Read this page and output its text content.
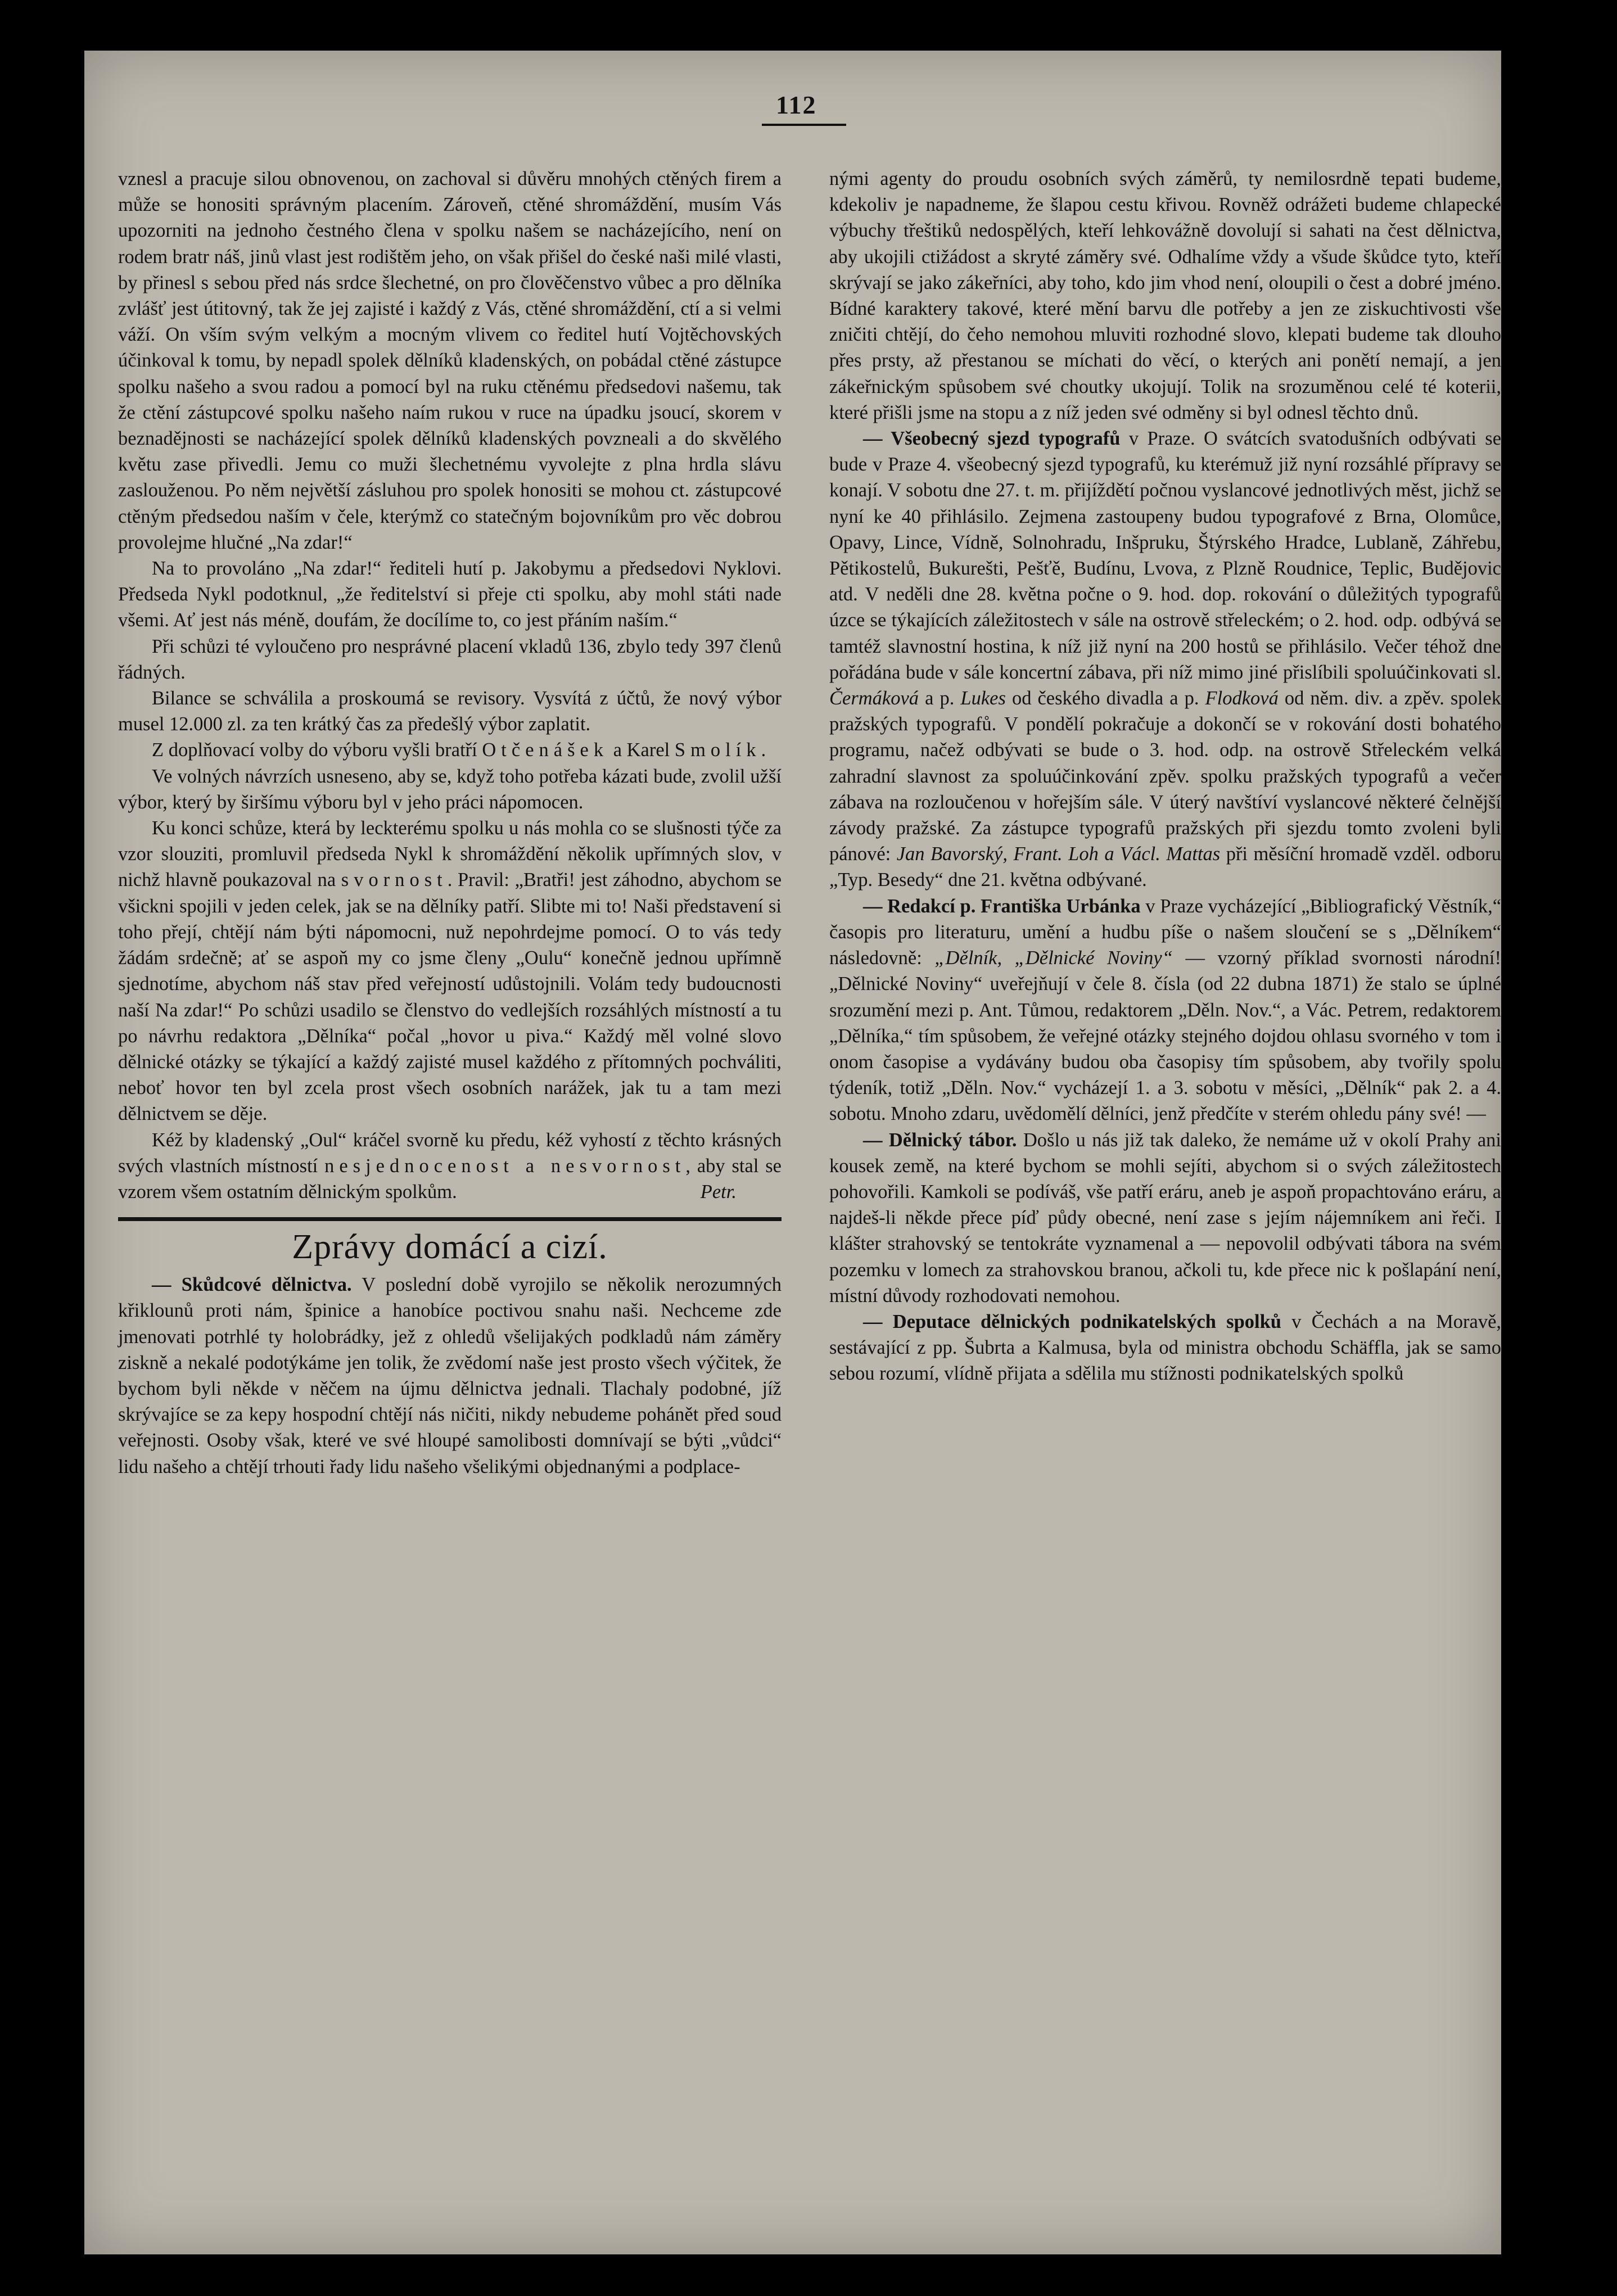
112

vznesl a pracuje silou obnovenou, on zachoval si důvěru mnohých ctěných firem a může se honositi správným placením. Zároveň, ctěné shromáždění, musím Vás upozorniti na jednoho čestného člena v spolku našem se nacházejícího, není on rodem bratr náš, jinů vlast jest rodištěm jeho, on však přišel do české naši milé vlasti, by přinesl s sebou před nás srdce šlechetné, on pro člověčenstvo vůbec a pro dělníka zvlášť jest útitovný, tak že jej zajisté i každý z Vás, ctěné shromáždění, ctí a si velmi váží. On vším svým velkým a mocným vlivem co ředitel hutí Vojtěchovských účinkoval k tomu, by nepadl spolek dělníků kladenských, on pobádal ctěné zástupce spolku našeho a svou radou a pomocí byl na ruku ctěnému předsedovi našemu, tak že ctění zástupcové spolku našeho naím rukou v ruce na úpadku jsoucí, skorem v beznadějnosti se nacházející spolek dělníků kladenských povzneali a do skvělého květu zase přivedli. Jemu co muži šlechetnému vyvolejte z plna hrdla slávu zaslouženou. Po něm největší zásluhou pro spolek honositi se mohou ct. zástupcové ctěným předsedou naším v čele, kterýmž co statečným bojovníkům pro věc dobrou provolejme hlučné „Na zdar!“

Na to provoláno „Na zdar!“ řediteli hutí p. Jakobymu a předsedovi Nyklovi. Předseda Nykl podotknul, „že ředitelství si přeje cti spolku, aby mohl státi nade všemi. Ať jest nás méně, doufám, že docílíme to, co jest přáním naším.“

Při schůzi té vyloučeno pro nesprávné placení vkladů 136, zbylo tedy 397 členů řádných.

Bilance se schválila a proskoumá se revisory. Vysvítá z účtů, že nový výbor musel 12.000 zl. za ten krátký čas za předešlý výbor zaplatit.

Z doplňovací volby do výboru vyšli bratří Otčenášek a Karel Smolík.

Ve volných návrzích usneseno, aby se, když toho potřeba kázati bude, zvolil užší výbor, který by širšímu výboru byl v jeho práci nápomocen.

Ku konci schůze, která by leckterému spolku u nás mohla co se slušnosti týče za vzor slouziti, promluvil předseda Nykl k shromáždění několik upřímných slov, v nichž hlavně poukazoval na svornost. Pravil: „Bratři! jest záhodno, abychom se všickni spojili v jeden celek, jak se na dělníky patří. Slibte mi to! Naši představení si toho přejí, chtějí nám býti nápomocni, nuž nepohrdejme pomocí. O to vás tedy žádám srdečně; ať se aspoň my co jsme členy „Oulu“ konečně jednou upřímně sjednotíme, abychom náš stav před veřejností udůstojnili. Volám tedy budoucnosti naší Na zdar!“ Po schůzi usadilo se členstvo do vedlejších rozsáhlých místností a tu po návrhu redaktora „Dělníka“ počal „hovor u piva.“ Každý měl volné slovo dělnické otázky se týkající a každý zajisté musel každého z přítomných pochváliti, neboť hovor ten byl zcela prost všech osobních narážek, jak tu a tam mezi dělnictvem se děje.

Kéž by kladenský „Oul“ kráčel svorně ku předu, kéž vyhostí z těchto krásných svých vlastních místností nesjednocenost a nesvornost, aby stal se vzorem všem ostatním dělnickým spolkům.	Petr.

Zprávy domácí a cizí.

— Skůdcové dělnictva. V poslední době vyrojilo se několik nerozumných křiklounů proti nám, špinice a hanobíce poctivou snahu naši. Nechceme zde jmenovati potrhlé ty holobrádky, jež z ohledů všelijakých podkladů nám záměry ziskně a nekalé podotýkáme jen tolik, že zvědomí naše jest prosto všech výčitek, že bychom byli někde v něčem na újmu dělnictva jednali. Tlachaly podobné, jíž skrývajíce se za kepy hospodní chtějí nás ničiti, nikdy nebudeme pohánět před soud veřejnosti. Osoby však, které ve své hloupé samolibosti domnívají se býti „vůdci“ lidu našeho a chtějí trhouti řady lidu našeho všelikými objednanými a podplace-

nými agenty do proudu osobních svých záměrů, ty nemilosrdně tepati budeme, kdekoliv je napadneme, že šlapou cestu křivou. Rovněž odrážeti budeme chlapecké výbuchy třeštiků nedospělých, kteří lehkovážně dovolují si sahati na čest dělnictva, aby ukojili ctižádost a skryté záměry své. Odhalíme vždy a všude škůdce tyto, kteří skrývají se jako zákeřníci, aby toho, kdo jim vhod není, oloupili o čest a dobré jméno. Bídné karaktery takové, které mění barvu dle potřeby a jen ze ziskuchtivosti vše zničiti chtějí, do čeho nemohou mluviti rozhodné slovo, klepati budeme tak dlouho přes prsty, až přestanou se míchati do věcí, o kterých ani ponětí nemají, a jen zákeřnickým spůsobem své choutky ukojují. Tolik na srozuměnou celé té koterii, které přišli jsme na stopu a z níž jeden své odměny si byl odnesl těchto dnů.

— Všeobecný sjezd typografů v Praze. O svátcích svatodušních odbývati se bude v Praze 4. všeobecný sjezd typografů, ku kterémuž již nyní rozsáhlé přípravy se konají. V sobotu dne 27. t. m. přijíždětí počnou vyslancové jednotlivých měst, jichž se nyní ke 40 přihlásilo. Zejmena zastoupeny budou typografové z Brna, Olomůce, Opavy, Lince, Vídně, Solnohradu, Inšpruku, Štýrského Hradce, Lublaně, Záhřebu, Pětikostelů, Bukurešti, Pešťě, Budínu, Lvova, z Plzně Roudnice, Teplic, Budějovic atd. V neděli dne 28. května počne o 9. hod. dop. rokování o důležitých typografů úzce se týkajících záležitostech v sále na ostrově střeleckém; o 2. hod. odp. odbývá se tamtéž slavnostní hostina, k níž již nyní na 200 hostů se přihlásilo. Večer téhož dne pořádána bude v sále koncertní zábava, při níž mimo jiné přislíbili spoluúčinkovati sl. Čermáková a p. Lukes od českého divadla a p. Flodková od něm. div. a zpěv. spolek pražských typografů. V pondělí pokračuje a dokončí se v rokování dosti bohatého programu, načež odbývati se bude o 3. hod. odp. na ostrově Střeleckém velká zahradní slavnost za spoluúčinkování zpěv. spolku pražských typografů a večer zábava na rozloučenou v hořejším sále. V úterý navštíví vyslancové některé čelnější závody pražské. Za zástupce typografů pražských při sjezdu tomto zvoleni byli pánové: Jan Bavorský, Frant. Loh a Václ. Mattas při měsíční hromadě vzděl. odboru „Typ. Besedy“ dne 21. května odbývané.

— Redakcí p. Františka Urbánka v Praze vycházející „Bibliografický Věstník,“ časopis pro literaturu, umění a hudbu píše o našem sloučení se s „Dělníkem“ následovně: „Dělník, „Dělnické Noviny“ — vzorný příklad svornosti národní! „Dělnické Noviny“ uveřejňují v čele 8. čísla (od 22 dubna 1871) že stalo se úplné srozumění mezi p. Ant. Tůmou, redaktorem „Děln. Nov.“, a Vác. Petrem, redaktorem „Dělníka,“ tím spůsobem, že veřejné otázky stejného dojdou ohlasu svorného v tom i onom časopise a vydávány budou oba časopisy tím spůsobem, aby tvořily spolu týdeník, totiž „Děln. Nov.“ vycházejí 1. a 3. sobotu v měsíci, „Dělník“ pak 2. a 4. sobotu. Mnoho zdaru, uvědomělí dělníci, jenž předčíte v sterém ohledu pány své! —

— Dělnický tábor. Došlo u nás již tak daleko, že nemáme už v okolí Prahy ani kousek země, na které bychom se mohli sejíti, abychom si o svých záležitostech pohovořili. Kamkoli se podíváš, vše patří eráru, aneb je aspoň propachtováno eráru, a najdeš-li někde přece píď půdy obecné, není zase s jejím nájemníkem ani řeči. I klášter strahovský se tentokráte vyznamenal a — nepovolil odbývati tábora na svém pozemku v lomech za strahovskou branou, ačkoli tu, kde přece nic k pošlapání není, místní důvody rozhodovati nemohou.

— Deputace dělnických podnikatelských spolků v Čechách a na Moravě, sestávající z pp. Šubrta a Kalmusa, byla od ministra obchodu Schäffla, jak se samo sebou rozumí, vlídně přijata a sdělila mu stížnosti podnikatelských spolků
